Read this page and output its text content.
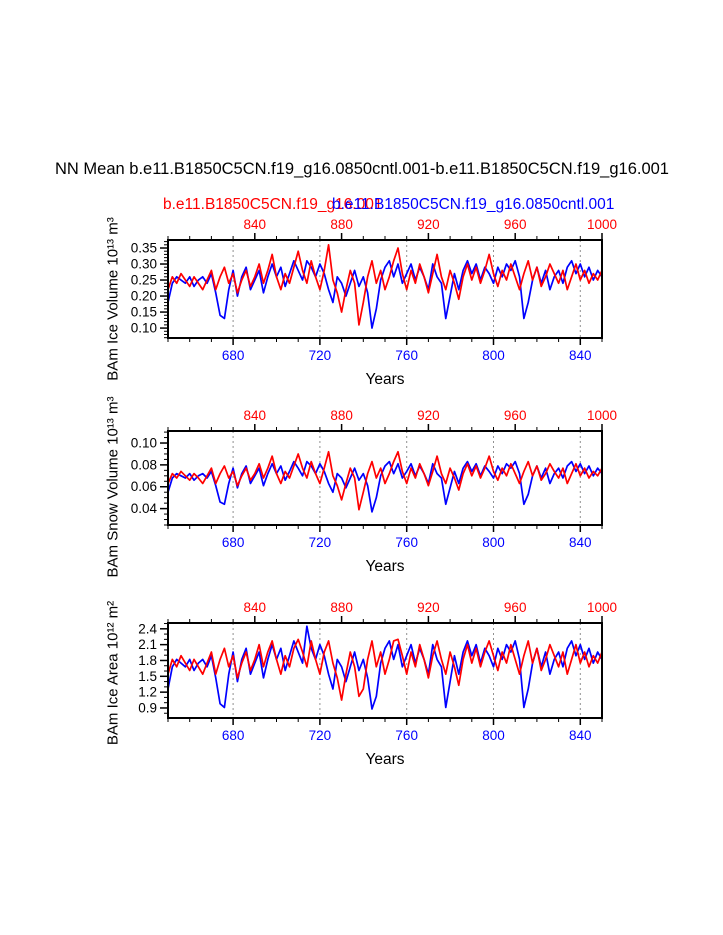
NN Mean b.e11.B1850C5CN.f19_g16.0850cntl.001-b.e11.B1850C5CN.f19_g16.001
b.e11.B1850C5CN.f19_g16.001
b.e11.B1850C5CN.f19_g16.0850cntl.001
BAm Ice Volume 10¹³ m³
BAm Snow Volume 10¹³ m³
BAm Ice Area 10¹² m²
Years
Years
Years
680	720	760	800	840
840	880	920	960	1000
0.10
0.15
0.20
0.25
0.30
0.35
680	720	760	800	840
840	880	920	960	1000
0.04
0.06
0.08
0.10
680	720	760	800	840
840	880	920	960	1000
0.9
1.2
1.5
1.8
2.1
2.4
